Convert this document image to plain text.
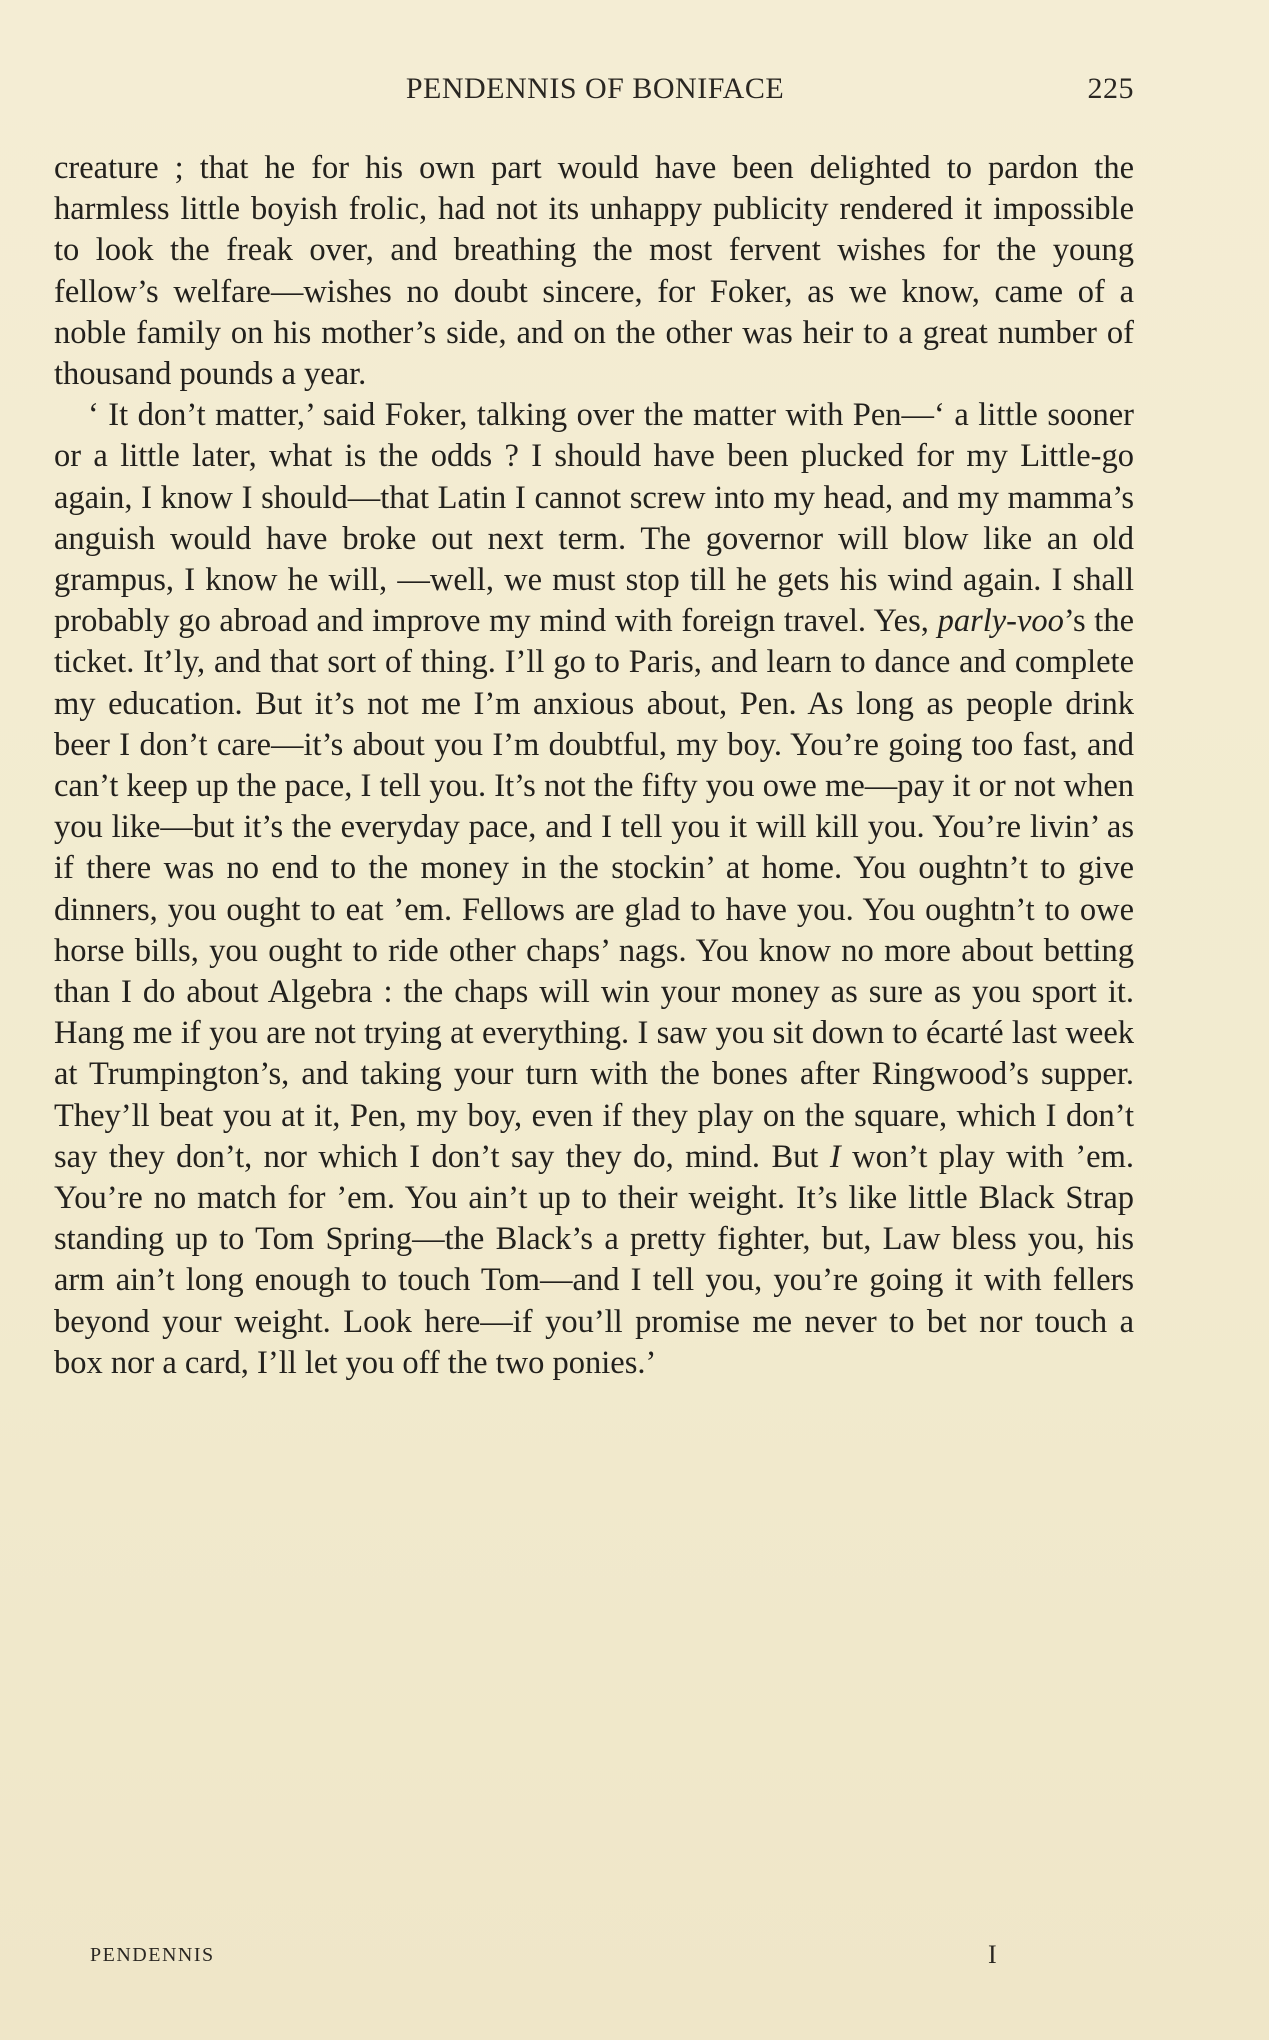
PENDENNIS OF BONIFACE	225

creature ; that he for his own part would have been delighted to pardon the harmless little boyish frolic, had not its unhappy publicity rendered it impossible to look the freak over, and breathing the most fervent wishes for the young fellow’s welfare—wishes no doubt sincere, for Foker, as we know, came of a noble family on his mother’s side, and on the other was heir to a great number of thousand pounds a year.

‘ It don’t matter,’ said Foker, talking over the matter with Pen—‘ a little sooner or a little later, what is the odds ? I should have been plucked for my Little-go again, I know I should—that Latin I cannot screw into my head, and my mamma’s anguish would have broke out next term. The governor will blow like an old grampus, I know he will, —well, we must stop till he gets his wind again. I shall probably go abroad and improve my mind with foreign travel. Yes, parly-voo’s the ticket. It’ly, and that sort of thing. I’ll go to Paris, and learn to dance and complete my education. But it’s not me I’m anxious about, Pen. As long as people drink beer I don’t care—it’s about you I’m doubtful, my boy. You’re going too fast, and can’t keep up the pace, I tell you. It’s not the fifty you owe me—pay it or not when you like—but it’s the everyday pace, and I tell you it will kill you. You’re livin’ as if there was no end to the money in the stockin’ at home. You oughtn’t to give dinners, you ought to eat ’em. Fellows are glad to have you. You oughtn’t to owe horse bills, you ought to ride other chaps’ nags. You know no more about betting than I do about Algebra : the chaps will win your money as sure as you sport it. Hang me if you are not trying at everything. I saw you sit down to écarté last week at Trumpington’s, and taking your turn with the bones after Ringwood’s supper. They’ll beat you at it, Pen, my boy, even if they play on the square, which I don’t say they don’t, nor which I don’t say they do, mind. But I won’t play with ’em. You’re no match for ’em. You ain’t up to their weight. It’s like little Black Strap standing up to Tom Spring—the Black’s a pretty fighter, but, Law bless you, his arm ain’t long enough to touch Tom—and I tell you, you’re going it with fellers beyond your weight. Look here—if you’ll promise me never to bet nor touch a box nor a card, I’ll let you off the two ponies.’

PENDENNIS	I
